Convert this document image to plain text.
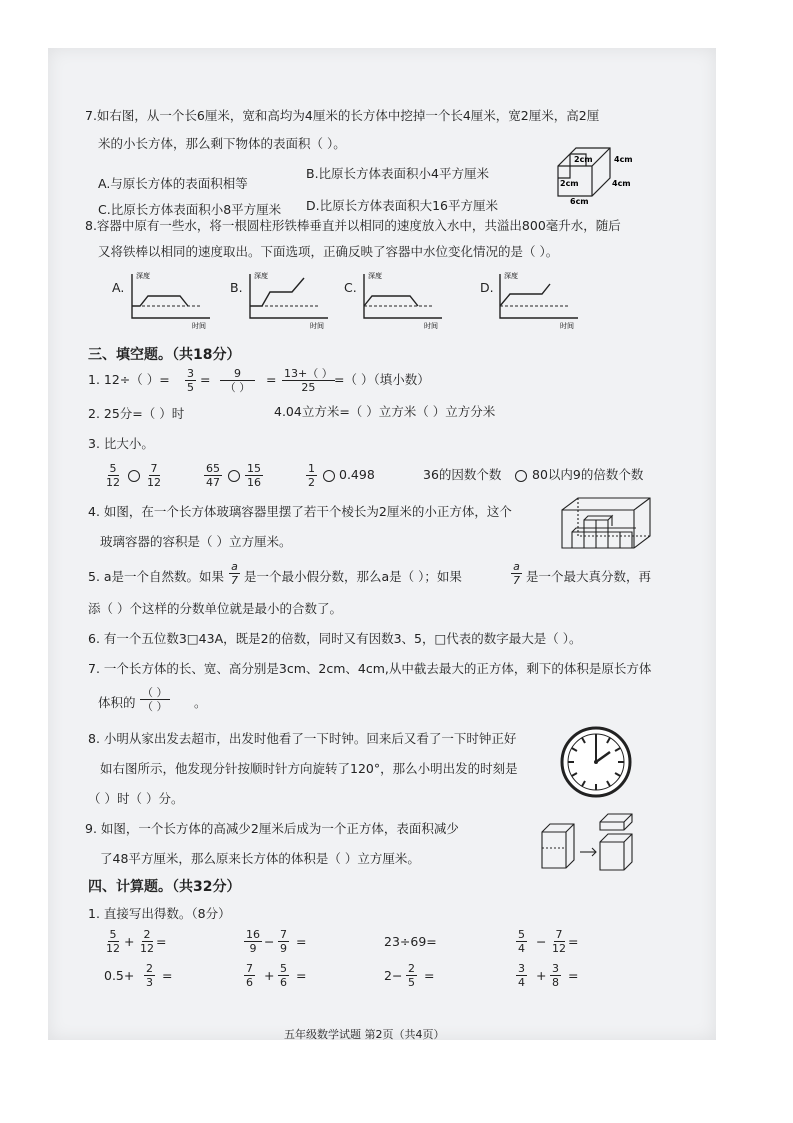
7.如右图，从一个长6厘米，宽和高均为4厘米的长方体中挖掉一个长4厘米，宽2厘米，高2厘
米的小长方体，那么剩下物体的表面积（ ）。
A.与原长方体的表面积相等
B.比原长方体表面积小4平方厘米
C.比原长方体表面积小8平方厘米 D.比原长方体表面积大16平方厘米
2cm	4cm
2cm	4cm
6cm
8.容器中原有一些水，将一根圆柱形铁棒垂直并以相同的速度放入水中，共溢出800毫升水，随后
又将铁棒以相同的速度取出。下面选项，正确反映了容器中水位变化情况的是（ ）。
A.
深度
时间
B.
深度
时间
C.
深度
时间
D.
深度
时间
三、填空题。（共18分）
1. 12÷（ ）= $\frac{3}{5}$ =	9
（ ）
= $\frac{13+( )}{25}$ =（ ）（填小数）
2. 25分=（ ）时	4.04立方米=（ ）立方米（ ）立方分米
3. 比大小。
$\frac{5}{12} \frac{7}{12}$	$\frac{65}{47} \frac{15}{16}$	$\frac{1}{2} 0.498$	36的因数个数 80以内9的倍数个数
4. 如图，在一个长方体玻璃容器里摆了若干个棱长为2厘米的小正方体，这个
玻璃容器的容积是（ ）立方厘米。
5. a是一个自然数。如果 $\frac{a}{7}$ 是一个最小假分数，那么a是（ ）；如果	$\frac{a}{7}$ 是一个最大真分数，再
添（ ）个这样的分数单位就是最小的合数了。
6. 有一个五位数3□43A，既是2的倍数，同时又有因数3、5，□代表的数字最大是（ ）。
7. 一个长方体的长、宽、高分别是3cm、2cm、4cm,从中截去最大的正方体，剩下的体积是原长方体
体积的
（ ）
（ ） 。
8. 小明从家出发去超市，出发时他看了一下时钟。回来后又看了一下时钟正好
如右图所示，他发现分针按顺时针方向旋转了120°，那么小明出发的时刻是
（ ）时（ ）分。
9. 如图，一个长方体的高减少2厘米后成为一个正方体，表面积减少
了48平方厘米，那么原来长方体的体积是（ ）立方厘米。
四、计算题。（共32分）
1. 直接写出得数。（8分）
$\frac{5}{12} + \frac{2}{12}$ =	$\frac{16}{9} - \frac{7}{9}$ =	23÷69=	$\frac{5}{4} - \frac{7}{12}$ =
$0.5+ \frac{2}{3}$ =	$\frac{7}{6} + \frac{5}{6}$ =	$2- \frac{2}{5}$ =	$\frac{3}{4} + \frac{3}{8}$ =
五年级数学试题 第2页（共4页）
